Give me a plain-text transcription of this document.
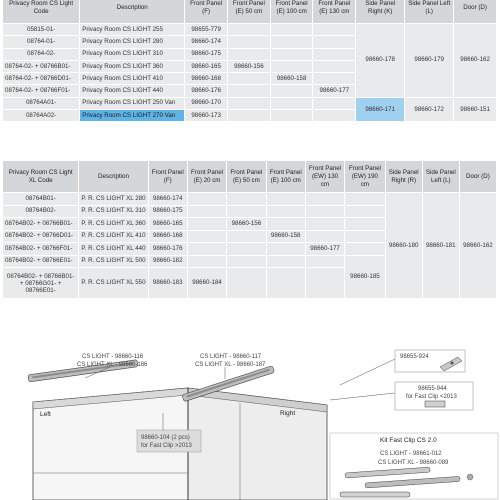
Privacy Room CS Light Code	Description	Front Panel (F)	Front Panel (E) 50 cm	Front Panel (E) 100 cm	Front Panel (E) 130 cm	Side Panel Right (K)	Side Panel Left (L)	Door (D)
05815-01-	Privacy Room CS LIGHT 255	98655-779				98660-178	98660-179	98660-162
08764-01-	Privacy Room CS LIGHT 280	98660-174						
08764-02-	Privacy Room CS LIGHT 310	98660-175						
08764-02- + 08766B01-	Privacy Room CS LIGHT 360	98660-165	98660-156					
08764-02- + 08766D01-	Privacy Room CS LIGHT 410	98660-168		98660-158				
08764-02- + 08766F01-	Privacy Room CS LIGHT 440	98660-176			98660-177			
08764A01-	Privacy Room CS LIGHT 250 Van	98660-170				98660-171	98660-172	98660-151
08764A02-	Privacy Room CS LIGHT 270 Van	98660-173						
Privacy Room CS Light XL Code	Description	Front Panel (F)	Front Panel (E) 20 cm	Front Panel (E) 50 cm	Front Panel (E) 100 cm	Front Panel (EW) 130 cm	Front Panel (EW) 190 cm	Side Panel Right (R)	Side Panel Left (L)	Door (D)
08764B01-	P. R. CS LIGHT XL 280	98660-174						98660-180	98660-181	98660-162
08764B02-	P. R. CS LIGHT XL 310	98660-175								
08764B02- + 08766B01-	P. R. CS LIGHT XL 360	98660-165		98660-156						
08764B02- + 08766D01-	P. R. CS LIGHT XL 410	98660-168			98660-158					
08764B02- + 08766F01-	P. R. CS LIGHT XL 440	98660-176				98660-177				
08764B02- + 08766E01-	P. R. CS LIGHT XL 500	98660-182					98660-185			
08764B02- + 08766B01- + 08766G01- + 08766E01-	P. R. CS LIGHT XL 550	98660-183	98660-184							
CS LIGHT - 98660-116
CS LIGHT XL - 98660-186
CS LIGHT - 98660-117
CS LIGHT XL - 98660-187
Left	Right
98660-104 (2 pcs)
for Fast Clip >2013
98655-924
98655-944
for Fast Clip <2013
Kit Fast Clip CS 2.0
CS LIGHT - 98661-012
CS LIGHT XL - 98660-089
